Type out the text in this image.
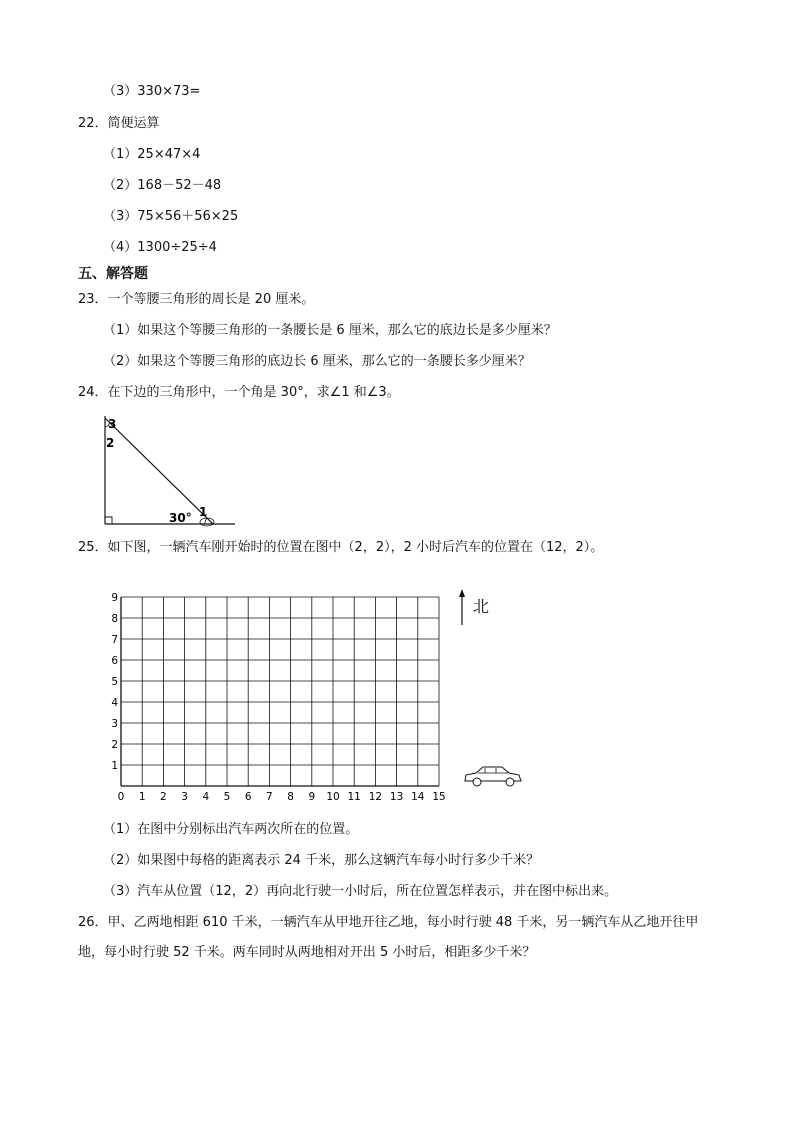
（3）330×73=
22．简便运算
（1）25×47×4
（2）168－52－48
（3）75×56＋56×25
（4）1300÷25÷4
五、解答题
23．一个等腰三角形的周长是 20 厘米。
（1）如果这个等腰三角形的一条腰长是 6 厘米，那么它的底边长是多少厘米？
（2）如果这个等腰三角形的底边长 6 厘米，那么它的一条腰长多少厘米？
24．在下边的三角形中，一个角是 30°，求∠1 和∠3。
3
2
1
30°
25．如下图，一辆汽车刚开始时的位置在图中（2，2），2 小时后汽车的位置在（12，2）。
0 1 2 3 4 5 6 7 8 9 10 11 12 13 14 15
1
2
3
4
5
6
7
8
9	北
（1）在图中分别标出汽车两次所在的位置。
（2）如果图中每格的距离表示 24 千米，那么这辆汽车每小时行多少千米？
（3）汽车从位置（12，2）再向北行驶一小时后，所在位置怎样表示，并在图中标出来。
26．甲、乙两地相距 610 千米，一辆汽车从甲地开往乙地，每小时行驶 48 千米，另一辆汽车从乙地开往甲地，每小时行驶 52 千米。两车同时从两地相对开出 5 小时后，相距多少千米？
